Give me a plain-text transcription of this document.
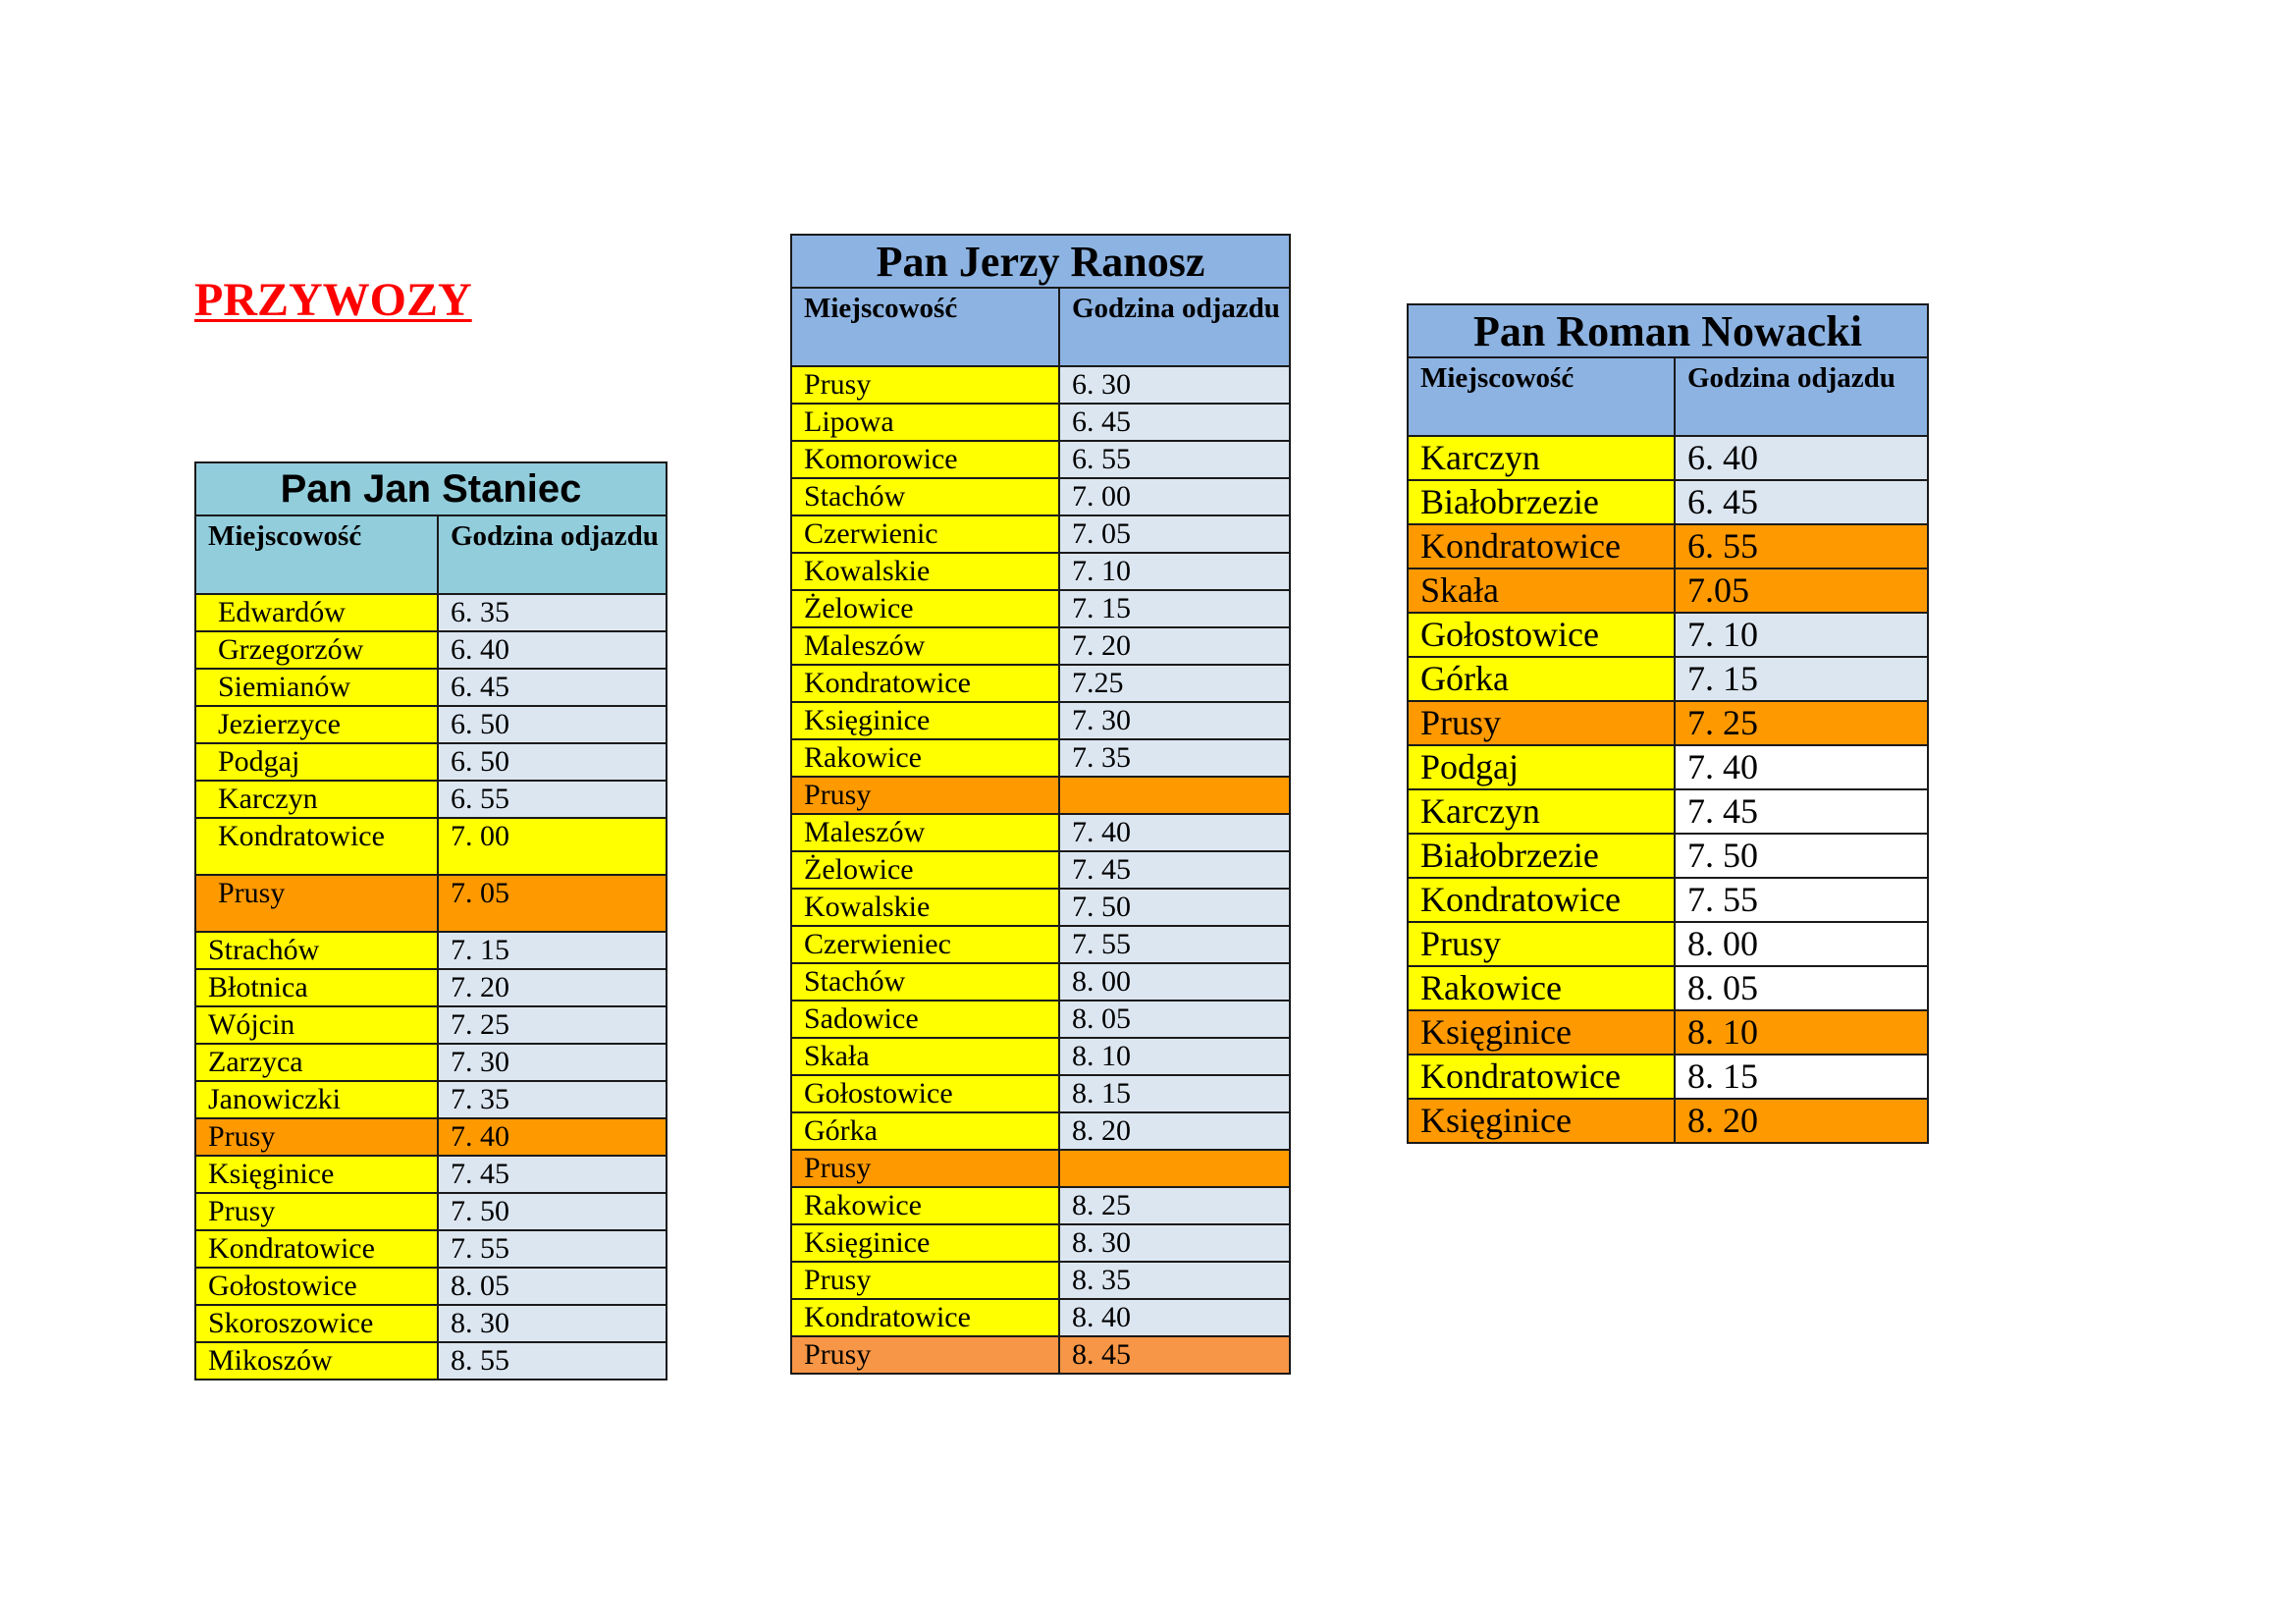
PRZYWOZY
Pan Jan Staniec	
Miejscowość	Godzina odjazdu
Edwardów	6. 35
Grzegorzów	6. 40
Siemianów	6. 45
Jezierzyce	6. 50
Podgaj	6. 50
Karczyn	6. 55
Kondratowice	7. 00
Prusy	7. 05
Strachów	7. 15
Błotnica	7. 20
Wójcin	7. 25
Zarzyca	7. 30
Janowiczki	7. 35
Prusy	7. 40
Księginice	7. 45
Prusy	7. 50
Kondratowice	7. 55
Gołostowice	8. 05
Skoroszowice	8. 30
Mikoszów	8. 55
Pan Jerzy Ranosz	
Miejscowość	Godzina odjazdu
Prusy	6. 30
Lipowa	6. 45
Komorowice	6. 55
Stachów	7. 00
Czerwienic	7. 05
Kowalskie	7. 10
Żelowice	7. 15
Maleszów	7. 20
Kondratowice	7.25
Księginice	7. 30
Rakowice	7. 35
Prusy	
Maleszów	7. 40
Żelowice	7. 45
Kowalskie	7. 50
Czerwieniec	7. 55
Stachów	8. 00
Sadowice	8. 05
Skała	8. 10
Gołostowice	8. 15
Górka	8. 20
Prusy	
Rakowice	8. 25
Księginice	8. 30
Prusy	8. 35
Kondratowice	8. 40
Prusy	8. 45
Pan Roman Nowacki	
Miejscowość	Godzina odjazdu
Karczyn	6. 40
Białobrzezie	6. 45
Kondratowice	6. 55
Skała	7.05
Gołostowice	7. 10
Górka	7. 15
Prusy	7. 25
Podgaj	7. 40
Karczyn	7. 45
Białobrzezie	7. 50
Kondratowice	7. 55
Prusy	8. 00
Rakowice	8. 05
Księginice	8. 10
Kondratowice	8. 15
Księginice	8. 20
